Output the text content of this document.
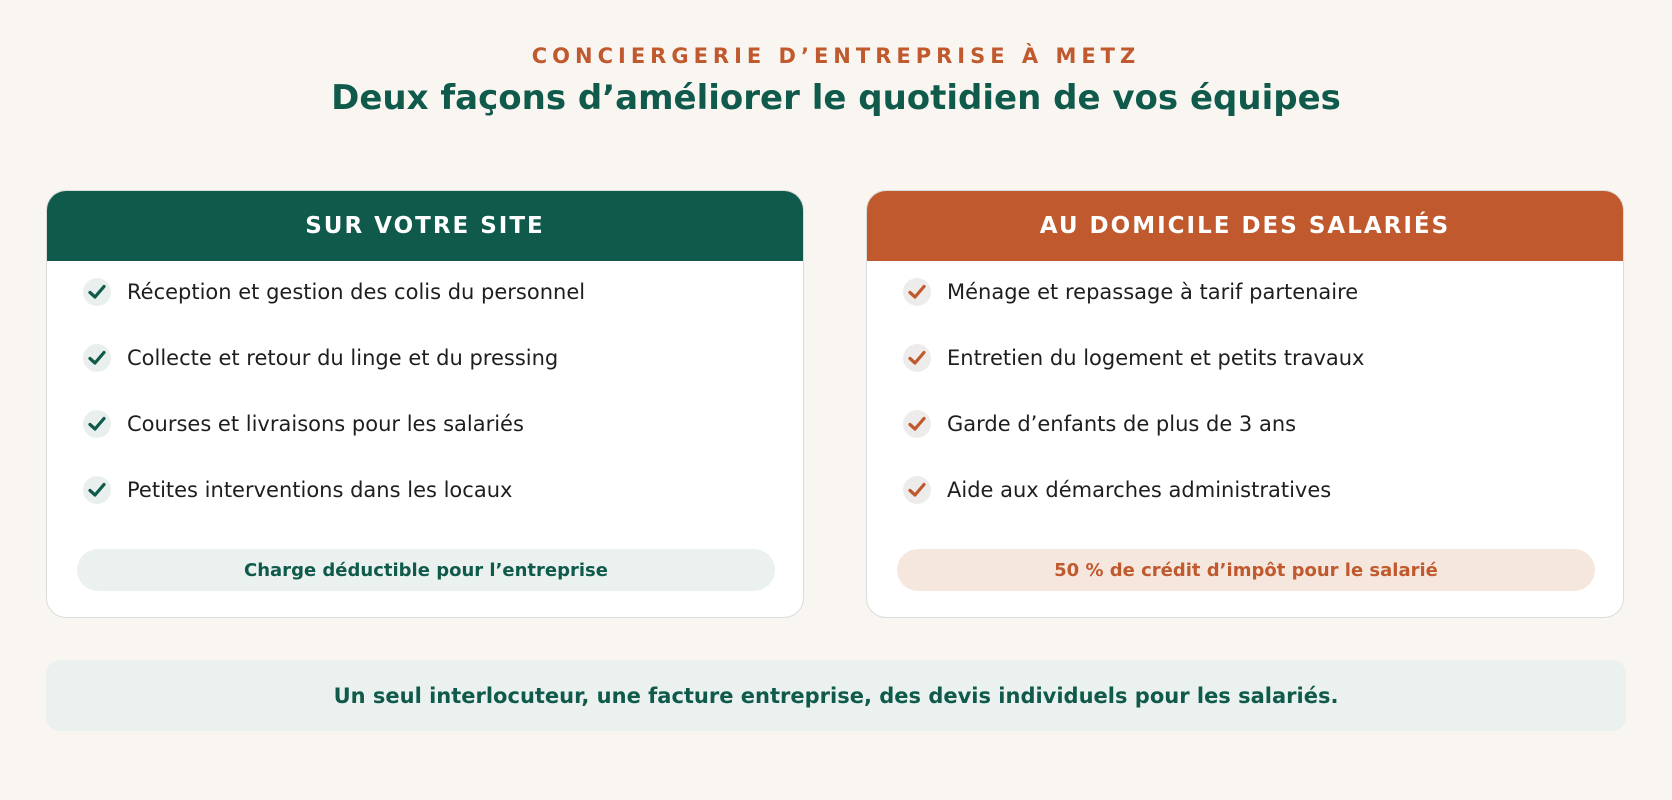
CONCIERGERIE D’ENTREPRISE À METZ
Deux façons d’améliorer le quotidien de vos équipes
SUR VOTRE SITE
Réception et gestion des colis du personnel
Collecte et retour du linge et du pressing
Courses et livraisons pour les salariés
Petites interventions dans les locaux
Charge déductible pour l’entreprise
AU DOMICILE DES SALARIÉS
Ménage et repassage à tarif partenaire
Entretien du logement et petits travaux
Garde d’enfants de plus de 3 ans
Aide aux démarches administratives
50 % de crédit d’impôt pour le salarié
Un seul interlocuteur, une facture entreprise, des devis individuels pour les salariés.
